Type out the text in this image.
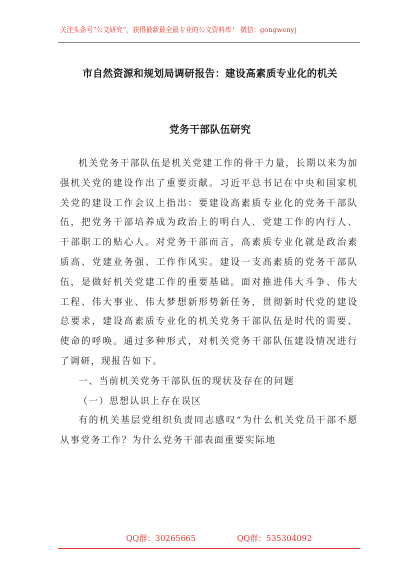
关注头条号“公文研究”，获得最新最全最专业的公文资料库！ 微信：gongwenyj
市自然资源和规划局调研报告：建设高素质专业化的机关
党务干部队伍研究

机关党务干部队伍是机关党建工作的骨干力量，长期以来为加强机关党的建设作出了重要贡献。习近平总书记在中央和国家机关党的建设工作会议上指出：要建设高素质专业化的党务干部队伍，把党务干部培养成为政治上的明白人、党建工作的内行人、干部职工的贴心人。对党务干部而言，高素质专业化就是政治素质高、党建业务强、工作作风实。建设一支高素质的党务干部队伍，是做好机关党建工作的重要基础。面对推进伟大斗争、伟大工程、伟大事业、伟大梦想新形势新任务，贯彻新时代党的建设总要求，建设高素质专业化的机关党务干部队伍是时代的需要、使命的呼唤。通过多种形式，对机关党务干部队伍建设情况进行了调研，现报告如下。

一、当前机关党务干部队伍的现状及存在的问题

（一）思想认识上存在误区

有的机关基层党组织负责同志感叹“为什么机关党员干部不愿从事党务工作？为什么党务干部表面重要实际地

QQ群：30265665	QQ群：535304092
